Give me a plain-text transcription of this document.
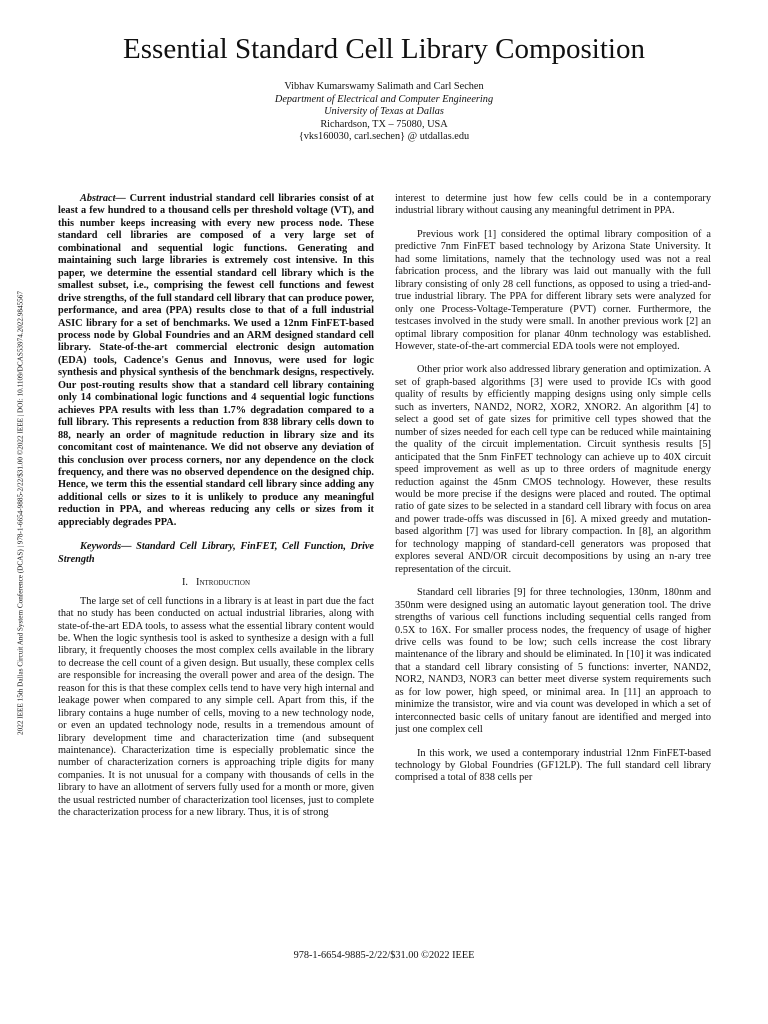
Essential Standard Cell Library Composition
Vibhav Kumarswamy Salimath and Carl Sechen
Department of Electrical and Computer Engineering
University of Texas at Dallas
Richardson, TX – 75080, USA
{vks160030, carl.sechen} @ utdallas.edu
2022 IEEE 15th Dallas Circuit And System Conference (DCAS) | 978-1-6654-9885-2/22/$31.00 ©2022 IEEE | DOI: 10.1109/DCAS53974.2022.9845567

Abstract— Current industrial standard cell libraries consist of at least a few hundred to a thousand cells per threshold voltage (VT), and this number keeps increasing with every new process node. These standard cell libraries are composed of a very large set of combinational and sequential logic functions. Generating and maintaining such large libraries is extremely cost intensive. In this paper, we determine the essential standard cell library which is the smallest subset, i.e., comprising the fewest cell functions and fewest drive strengths, of the full standard cell library that can produce power, performance, and area (PPA) results close to that of a full industrial ASIC library for a set of benchmarks. We used a 12nm FinFET-based process node by Global Foundries and an ARM designed standard cell library. State-of-the-art commercial electronic design automation (EDA) tools, Cadence's Genus and Innovus, were used for logic synthesis and physical synthesis of the benchmark designs, respectively. Our post-routing results show that a standard cell library containing only 14 combinational logic functions and 4 sequential logic functions achieves PPA results with less than 1.7% degradation compared to a full library. This represents a reduction from 838 library cells down to 88, nearly an order of magnitude reduction in library size and its concomitant cost of maintenance. We did not observe any deviation of this conclusion over process corners, nor any dependence on the clock frequency, and there was no observed dependence on the designed chip. Hence, we term this the essential standard cell library since adding any additional cells or sizes to it is unlikely to produce any meaningful reduction in PPA, and whereas reducing any cells or sizes from it appreciably degrades PPA.

Keywords— Standard Cell Library, FinFET, Cell Function, Drive Strength

I. Introduction

The large set of cell functions in a library is at least in part due the fact that no study has been conducted on actual industrial libraries, along with state-of-the-art EDA tools, to assess what the essential library content would be. When the logic synthesis tool is asked to synthesize a design with a full library, it frequently chooses the most complex cells available in the library to decrease the cell count of a given design. But usually, these complex cells are responsible for increasing the overall power and area of the design. The reason for this is that these complex cells tend to have very high internal and leakage power when compared to any simple cell. Apart from this, if the library contains a huge number of cells, moving to a new technology node, or even an updated technology node, results in a tremendous amount of library development time and characterization time (and subsequent maintenance). Characterization time is especially problematic since the number of characterization corners is approaching triple digits for many companies. It is not unusual for a company with thousands of cells in the library to have an allotment of servers fully used for a month or more, given the usual restricted number of characterization tool licenses, just to complete the characterization process for a new library. Thus, it is of strong

interest to determine just how few cells could be in a contemporary industrial library without causing any meaningful detriment in PPA.

Previous work [1] considered the optimal library composition of a predictive 7nm FinFET based technology by Arizona State University. It had some limitations, namely that the technology used was not a real fabrication process, and the library was laid out manually with the full library consisting of only 28 cell functions, as opposed to using a tried-and-true industrial library. The PPA for different library sets were analyzed for only one Process-Voltage-Temperature (PVT) corner. Furthermore, the testcases involved in the study were small. In another previous work [2] an optimal library composition for planar 40nm technology was established. However, state-of-the-art commercial EDA tools were not employed.

Other prior work also addressed library generation and optimization. A set of graph-based algorithms [3] were used to provide ICs with good quality of results by efficiently mapping designs using only simple cells such as inverters, NAND2, NOR2, XOR2, XNOR2. An algorithm [4] to select a good set of gate sizes for primitive cell types showed that the number of sizes needed for each cell type can be reduced while maintaining the quality of the circuit implementation. Circuit synthesis results [5] anticipated that the 5nm FinFET technology can achieve up to 40X circuit speed improvement as well as up to three orders of magnitude energy reduction against the 45nm CMOS technology. However, these results would be more precise if the designs were placed and routed. The optimal ratio of gate sizes to be selected in a standard cell library with focus on area and power trade-offs was discussed in [6]. A mixed greedy and mutation-based algorithm [7] was used for library compaction. In [8], an algorithm for technology mapping of standard-cell generators was proposed that explores several AND/OR circuit decompositions by using an n-ary tree representation of the circuit.

Standard cell libraries [9] for three technologies, 130nm, 180nm and 350nm were designed using an automatic layout generation tool. The drive strengths of various cell functions including sequential cells ranged from 0.5X to 16X. For smaller process nodes, the frequency of usage of higher drive cells was found to be low; such cells increase the cost library maintenance of the library and should be eliminated. In [10] it was indicated that a standard cell library consisting of 5 functions: inverter, NAND2, NOR2, NAND3, NOR3 can better meet diverse system requirements such as for low power, high speed, or minimal area. In [11] an approach to minimize the transistor, wire and via count was developed in which a set of interconnected basic cells of unitary fanout are identified and merged into just one complex cell

In this work, we used a contemporary industrial 12nm FinFET-based technology by Global Foundries (GF12LP). The full standard cell library comprised a total of 838 cells per

978-1-6654-9885-2/22/$31.00 ©2022 IEEE
